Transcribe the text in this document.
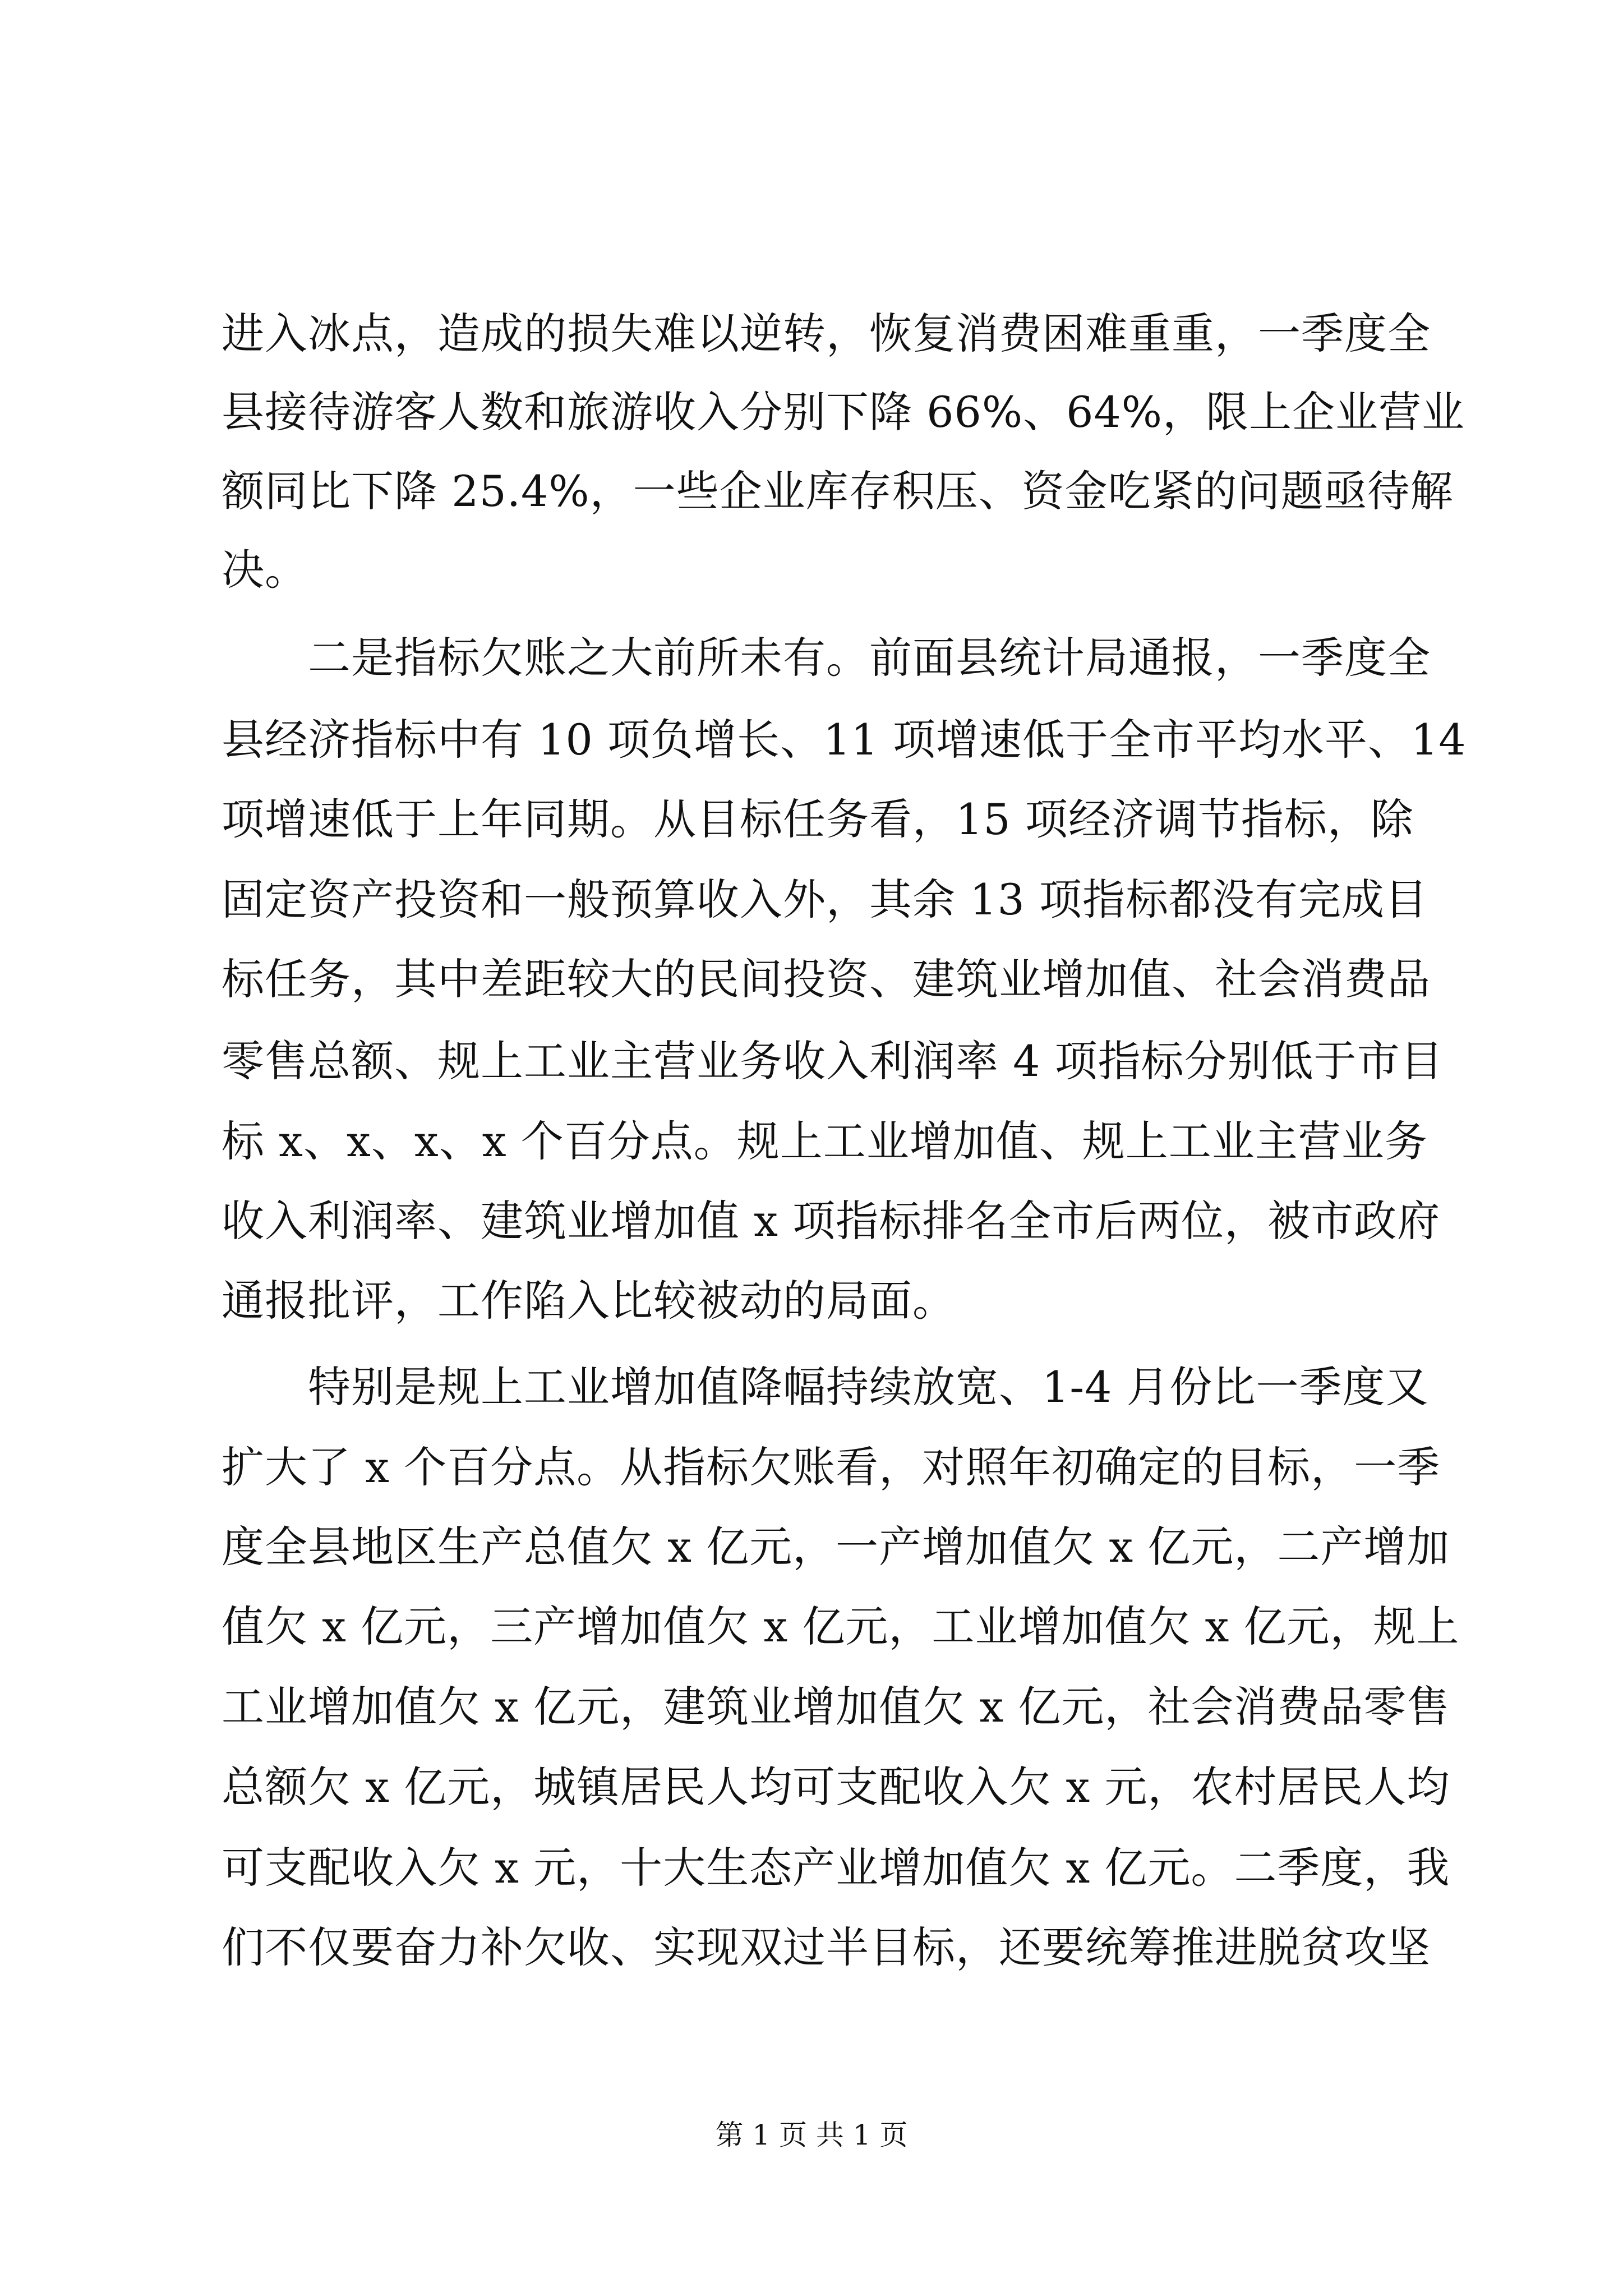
进入冰点，造成的损失难以逆转，恢复消费困难重重，一季度全
县接待游客人数和旅游收入分别下降 66%、64%，限上企业营业
额同比下降 25.4%，一些企业库存积压、资金吃紧的问题亟待解
决。
　　二是指标欠账之大前所未有。前面县统计局通报，一季度全
县经济指标中有 10 项负增长、11 项增速低于全市平均水平、14
项增速低于上年同期。从目标任务看，15 项经济调节指标，除
固定资产投资和一般预算收入外，其余 13 项指标都没有完成目
标任务，其中差距较大的民间投资、建筑业增加值、社会消费品
零售总额、规上工业主营业务收入利润率 4 项指标分别低于市目
标 x、x、x、x 个百分点。规上工业增加值、规上工业主营业务
收入利润率、建筑业增加值 x 项指标排名全市后两位，被市政府
通报批评，工作陷入比较被动的局面。
　　特别是规上工业增加值降幅持续放宽、1-4 月份比一季度又
扩大了 x 个百分点。从指标欠账看，对照年初确定的目标，一季
度全县地区生产总值欠 x 亿元，一产增加值欠 x 亿元，二产增加
值欠 x 亿元，三产增加值欠 x 亿元，工业增加值欠 x 亿元，规上
工业增加值欠 x 亿元，建筑业增加值欠 x 亿元，社会消费品零售
总额欠 x 亿元，城镇居民人均可支配收入欠 x 元，农村居民人均
可支配收入欠 x 元，十大生态产业增加值欠 x 亿元。二季度，我
们不仅要奋力补欠收、实现双过半目标，还要统筹推进脱贫攻坚
第 1 页 共 1 页
